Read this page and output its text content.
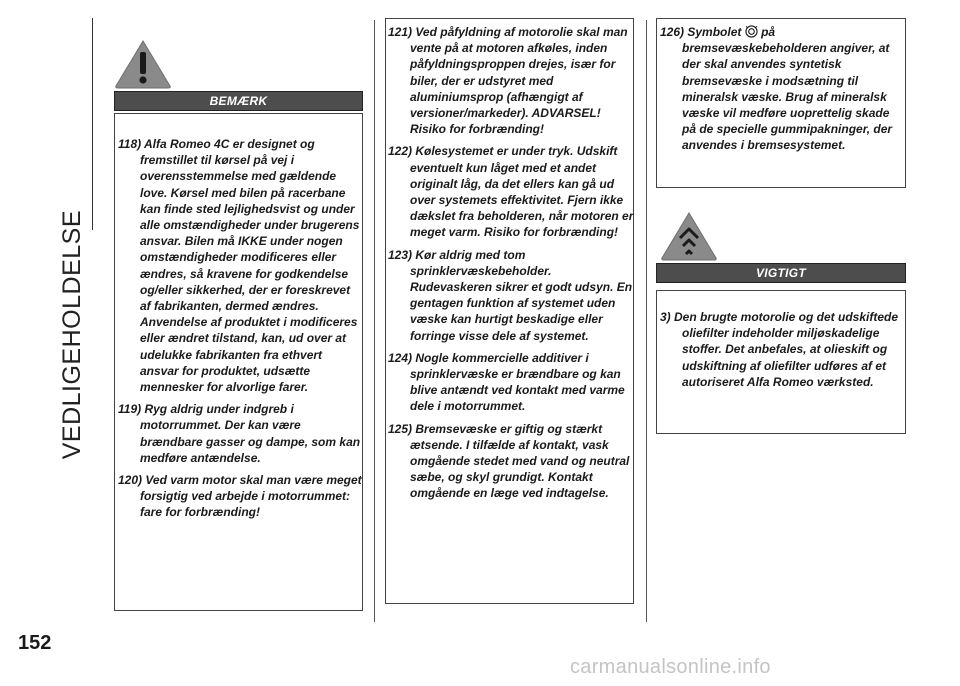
VEDLIGEHOLDELSE
152
BEMÆRK

118) Alfa Romeo 4C er designet og fremstillet til kørsel på vej i overensstemmelse med gældende love. Kørsel med bilen på racerbane kan finde sted lejlighedsvist og under alle omstændigheder under brugerens ansvar. Bilen må IKKE under nogen omstændigheder modificeres eller ændres, så kravene for godkendelse og/eller sikkerhed, der er foreskrevet af fabrikanten, dermed ændres. Anvendelse af produktet i modificeres eller ændret tilstand, kan, ud over at udelukke fabrikanten fra ethvert ansvar for produktet, udsætte mennesker for alvorlige farer.

119) Ryg aldrig under indgreb i motorrummet. Der kan være brændbare gasser og dampe, som kan medføre antændelse.

120) Ved varm motor skal man være meget forsigtig ved arbejde i motorrummet: fare for forbrænding!

121) Ved påfyldning af motorolie skal man vente på at motoren afkøles, inden påfyldningsproppen drejes, især for biler, der er udstyret med aluminiumsprop (afhængigt af versioner/markeder). ADVARSEL! Risiko for forbrænding!

122) Kølesystemet er under tryk. Udskift eventuelt kun låget med et andet originalt låg, da det ellers kan gå ud over systemets effektivitet. Fjern ikke dækslet fra beholderen, når motoren er meget varm. Risiko for forbrænding!

123) Kør aldrig med tom sprinklervæskebeholder. Rudevaskeren sikrer et godt udsyn. En gentagen funktion af systemet uden væske kan hurtigt beskadige eller forringe visse dele af systemet.

124) Nogle kommercielle additiver i sprinklervæske er brændbare og kan blive antændt ved kontakt med varme dele i motorrummet.

125) Bremsevæske er giftig og stærkt ætsende. I tilfælde af kontakt, vask omgående stedet med vand og neutral sæbe, og skyl grundigt. Kontakt omgående en læge ved indtagelse.

126) Symbolet på bremsevæskebeholderen angiver, at der skal anvendes syntetisk bremsevæske i modsætning til mineralsk væske. Brug af mineralsk væske vil medføre uoprettelig skade på de specielle gummipakninger, der anvendes i bremsesystemet.

VIGTIGT

3) Den brugte motorolie og det udskiftede oliefilter indeholder miljøskadelige stoffer. Det anbefales, at olieskift og udskiftning af oliefilter udføres af et autoriseret Alfa Romeo værksted.

carmanualsonline.info
